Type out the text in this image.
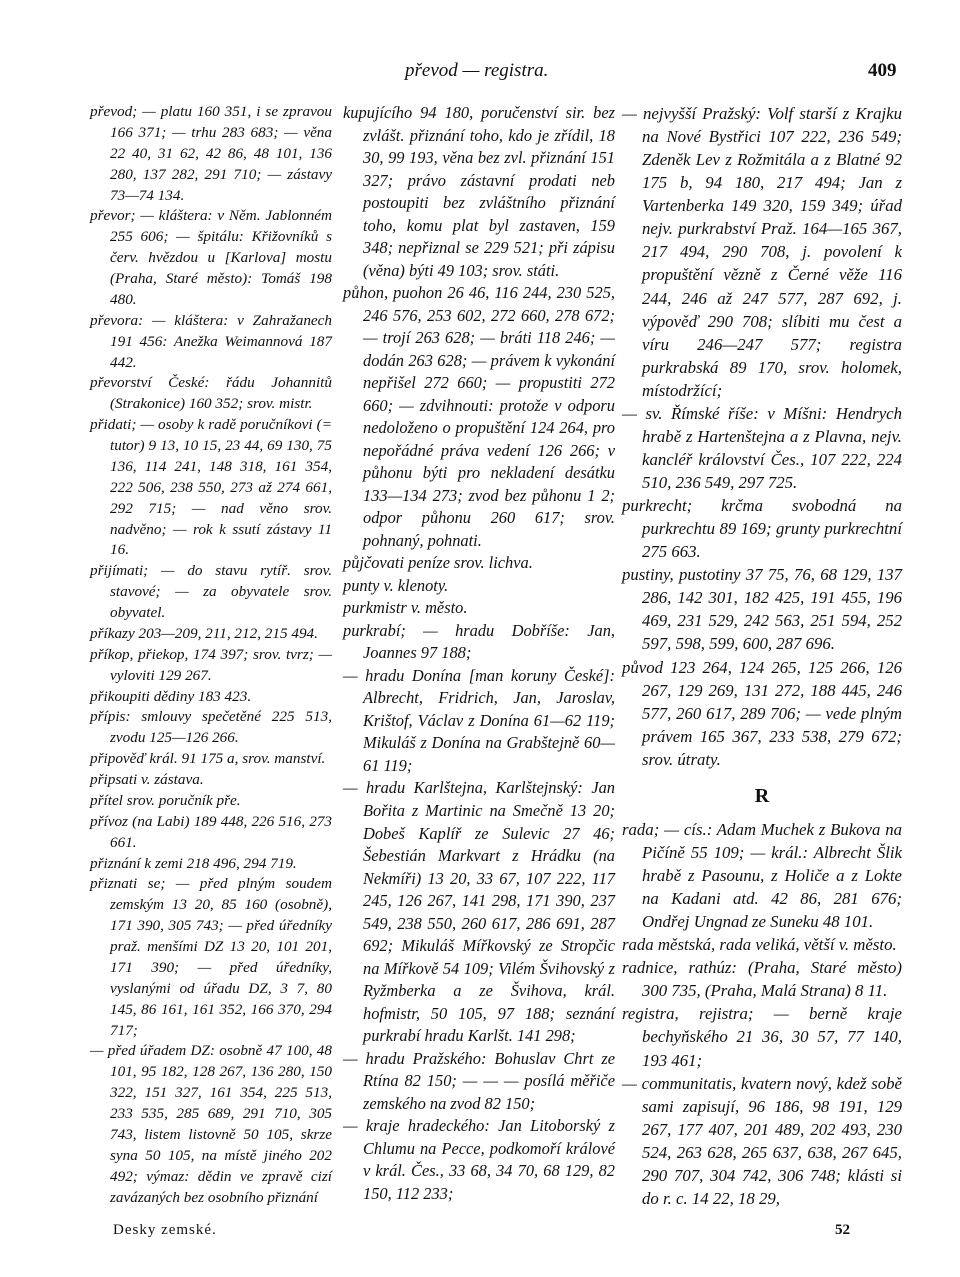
převod — registra.	409

převod; — platu 160 351, i se zpravou 166 371; — trhu 283 683; — věna 22 40, 31 62, 42 86, 48 101, 136 280, 137 282, 291 710; — zástavy 73—74 134.

převor; — kláštera: v Něm. Jablonném 255 606; — špitálu: Křižovníků s červ. hvězdou u [Karlova] mostu (Praha, Staré město): Tomáš 198 480.

převora: — kláštera: v Zahražanech 191 456: Anežka Weimannová 187 442.

převorství České: řádu Johannitů (Strakonice) 160 352; srov. mistr.

přidati; — osoby k radě poručníkovi (= tutor) 9 13, 10 15, 23 44, 69 130, 75 136, 114 241, 148 318, 161 354, 222 506, 238 550, 273 až 274 661, 292 715; — nad věno srov. nadvěno; — rok k ssutí zástavy 11 16.

přijímati; — do stavu rytíř. srov. stavové; — za obyvatele srov. obyvatel.

příkazy 203—209, 211, 212, 215 494.

příkop, přiekop, 174 397; srov. tvrz; — vyloviti 129 267.

přikoupiti dědiny 183 423.

přípis: smlouvy spečetěné 225 513, zvodu 125—126 266.

připověď král. 91 175 a, srov. manství.

připsati v. zástava.

přítel srov. poručník pře.

přívoz (na Labi) 189 448, 226 516, 273 661.

přiznání k zemi 218 496, 294 719.

přiznati se; — před plným soudem zemským 13 20, 85 160 (osobně), 171 390, 305 743; — před úředníky praž. menšími DZ 13 20, 101 201, 171 390; — před úředníky, vyslanými od úřadu DZ, 3 7, 80 145, 86 161, 161 352, 166 370, 294 717;

— před úřadem DZ: osobně 47 100, 48 101, 95 182, 128 267, 136 280, 150 322, 151 327, 161 354, 225 513, 233 535, 285 689, 291 710, 305 743, listem listovně 50 105, skrze syna 50 105, na místě jiného 202 492; výmaz: dědin ve zpravě cizí zavázaných bez osobního přiznání

kupujícího 94 180, poručenství sir. bez zvlášt. přiznání toho, kdo je zřídil, 18 30, 99 193, věna bez zvl. přiznání 151 327; právo zástavní prodati neb postoupiti bez zvláštního přiznání toho, komu plat byl zastaven, 159 348; nepřiznal se 229 521; při zápisu (věna) býti 49 103; srov. státi.

půhon, puohon 26 46, 116 244, 230 525, 246 576, 253 602, 272 660, 278 672; — trojí 263 628; — bráti 118 246; — dodán 263 628; — právem k vykonání nepřišel 272 660; — propustiti 272 660; — zdvihnouti: protože v odporu nedoloženo o propuštění 124 264, pro nepořádné práva vedení 126 266; v půhonu býti pro nekladení desátku 133—134 273; zvod bez půhonu 1 2; odpor půhonu 260 617; srov. pohnaný, pohnati.

půjčovati peníze srov. lichva.

punty v. klenoty.

purkmistr v. město.

purkrabí; — hradu Dobříše: Jan, Joannes 97 188;

— hradu Donína [man koruny České]: Albrecht, Fridrich, Jan, Jaroslav, Krištof, Václav z Donína 61—62 119; Mikuláš z Donína na Grabštejně 60—61 119;

— hradu Karlštejna, Karlštejnský: Jan Bořita z Martinic na Smečně 13 20; Dobeš Kaplíř ze Sulevic 27 46; Šebestián Markvart z Hrádku (na Nekmíři) 13 20, 33 67, 107 222, 117 245, 126 267, 141 298, 171 390, 237 549, 238 550, 260 617, 286 691, 287 692; Mikuláš Mířkovský ze Stropčic na Mířkově 54 109; Vilém Švihovský z Ryžmberka a ze Švihova, král. hofmistr, 50 105, 97 188; seznání purkrabí hradu Karlšt. 141 298;

— hradu Pražského: Bohuslav Chrt ze Rtína 82 150; — — — posílá měřiče zemského na zvod 82 150;

— kraje hradeckého: Jan Litoborský z Chlumu na Pecce, podkomoří králové v král. Čes., 33 68, 34 70, 68 129, 82 150, 112 233;

— nejvyšší Pražský: Volf starší z Krajku na Nové Bystřici 107 222, 236 549; Zdeněk Lev z Rožmitála a z Blatné 92 175 b, 94 180, 217 494; Jan z Vartenberka 149 320, 159 349; úřad nejv. purkrabství Praž. 164—165 367, 217 494, 290 708, j. povolení k propuštění vězně z Černé věže 116 244, 246 až 247 577, 287 692, j. výpověď 290 708; slíbiti mu čest a víru 246—247 577; registra purkrabská 89 170, srov. holomek, místodržící;

— sv. Římské říše: v Míšni: Hendrych hrabě z Hartenštejna a z Plavna, nejv. kancléř království Čes., 107 222, 224 510, 236 549, 297 725.

purkrecht; krčma svobodná na purkrechtu 89 169; grunty purkrechtní 275 663.

pustiny, pustotiny 37 75, 76, 68 129, 137 286, 142 301, 182 425, 191 455, 196 469, 231 529, 242 563, 251 594, 252 597, 598, 599, 600, 287 696.

původ 123 264, 124 265, 125 266, 126 267, 129 269, 131 272, 188 445, 246 577, 260 617, 289 706; — vede plným právem 165 367, 233 538, 279 672; srov. útraty.

R

rada; — cís.: Adam Muchek z Bukova na Pičíně 55 109; — král.: Albrecht Šlik hrabě z Pasounu, z Holiče a z Lokte na Kadani atd. 42 86, 281 676; Ondřej Ungnad ze Suneku 48 101.

rada městská, rada veliká, větší v. město.

radnice, rathúz: (Praha, Staré město) 300 735, (Praha, Malá Strana) 8 11.

registra, rejistra; — berně kraje bechyňského 21 36, 30 57, 77 140, 193 461;

— communitatis, kvatern nový, kdež sobě sami zapisují, 96 186, 98 191, 129 267, 177 407, 201 489, 202 493, 230 524, 263 628, 265 637, 638, 267 645, 290 707, 304 742, 306 748; klásti si do r. c. 14 22, 18 29,

Desky zemské.	52
